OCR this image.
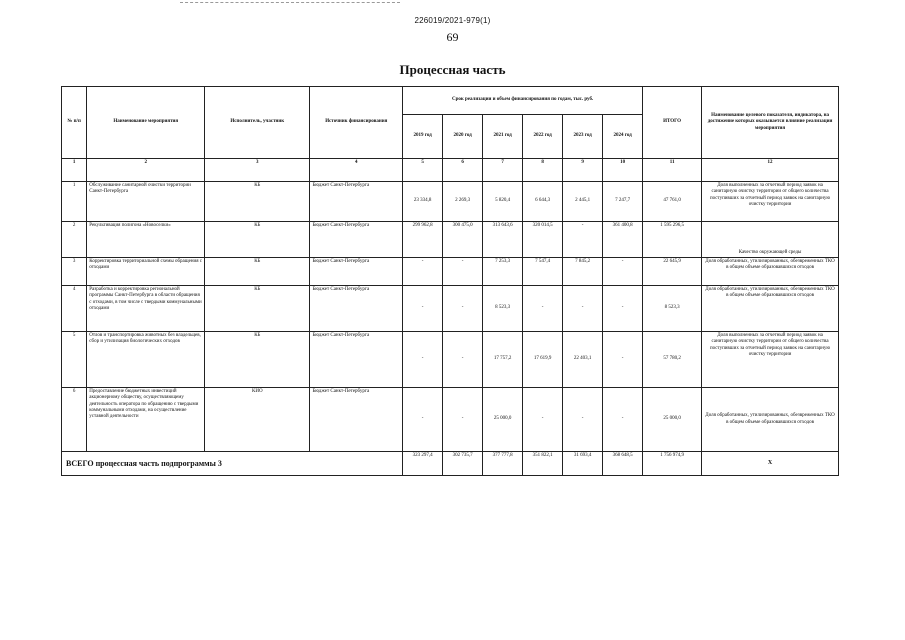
226019/2021-979(1)
69
Процессная часть
№ п/п	Наименование мероприятия	Исполнитель, участник	Источник финансирования	Срок реализации и объем финансирования по годам, тыс. руб.						ИТОГО	Наименование целевого показателя, индикатора, на достижение которых оказывается влияние реализации мероприятия
				2019 год	2020 год	2021 год	2022 год	2023 год	2024 год		
1	2	3	4	5	6	7	8	9	10	11	12
1	Обслуживание санитарной очистки территории Санкт-Петербурга	КБ	Бюджет Санкт-Петербурга	23 334,8	2 269,3	5 820,4	6 644,3	2 445,1	7 247,7	47 761,0	Доля выполненных за отчетный период заявок на санитарную очистку территории от общего количества поступивших за отчетный период заявок на санитарную очистку территории
2	Рекультивация полигона «Новоселки»	КБ	Бюджет Санкт-Петербурга	299 962,8	300 475,0	313 643,6	320 014,5	-	361 400,8	1 595 296,5	Качество окружающей среды
3	Корректировка территориальной схемы обращения с отходами	КБ	Бюджет Санкт-Петербурга	-	-	7 253,3	7 547,4	7 845,2	-	22 645,9	Доля обработанных, утилизированных, обезвреженных ТКО в общем объеме образовавшихся отходов
4	Разработка и корректировка региональной программы Санкт-Петербурга в области обращения с отходами, в том числе с твердыми коммунальными отходами	КБ	Бюджет Санкт-Петербурга	-	-	8 523,3	-	-	-	8 523,3	Доля обработанных, утилизированных, обезвреженных ТКО в общем объеме образовавшихся отходов
5	Отлов и транспортировка животных без владельцев, сбор и утилизация биологических отходов	КБ	Бюджет Санкт-Петербурга	-	-	17 757,2	17 619,9	22 403,1	-	57 780,2	Доля выполненных за отчетный период заявок на санитарную очистку территории от общего количества поступивших за отчетный период заявок на санитарную очистку территории
6	Предоставление бюджетных инвестиций акционерному обществу, осуществляющему деятельность оператора по обращению с твердыми коммунальными отходами, на осуществление уставной деятельности	КИО	Бюджет Санкт-Петербурга	-	-	25 000,0	-	-	-	25 000,0	Доля обработанных, утилизированных, обезвреженных ТКО в общем объеме образовавшихся отходов
ВСЕГО процессная часть подпрограммы 3				323 297,4	302 735,7	377 777,8	351 822,1	31 693,4	368 648,5	1 756 974,9	X
